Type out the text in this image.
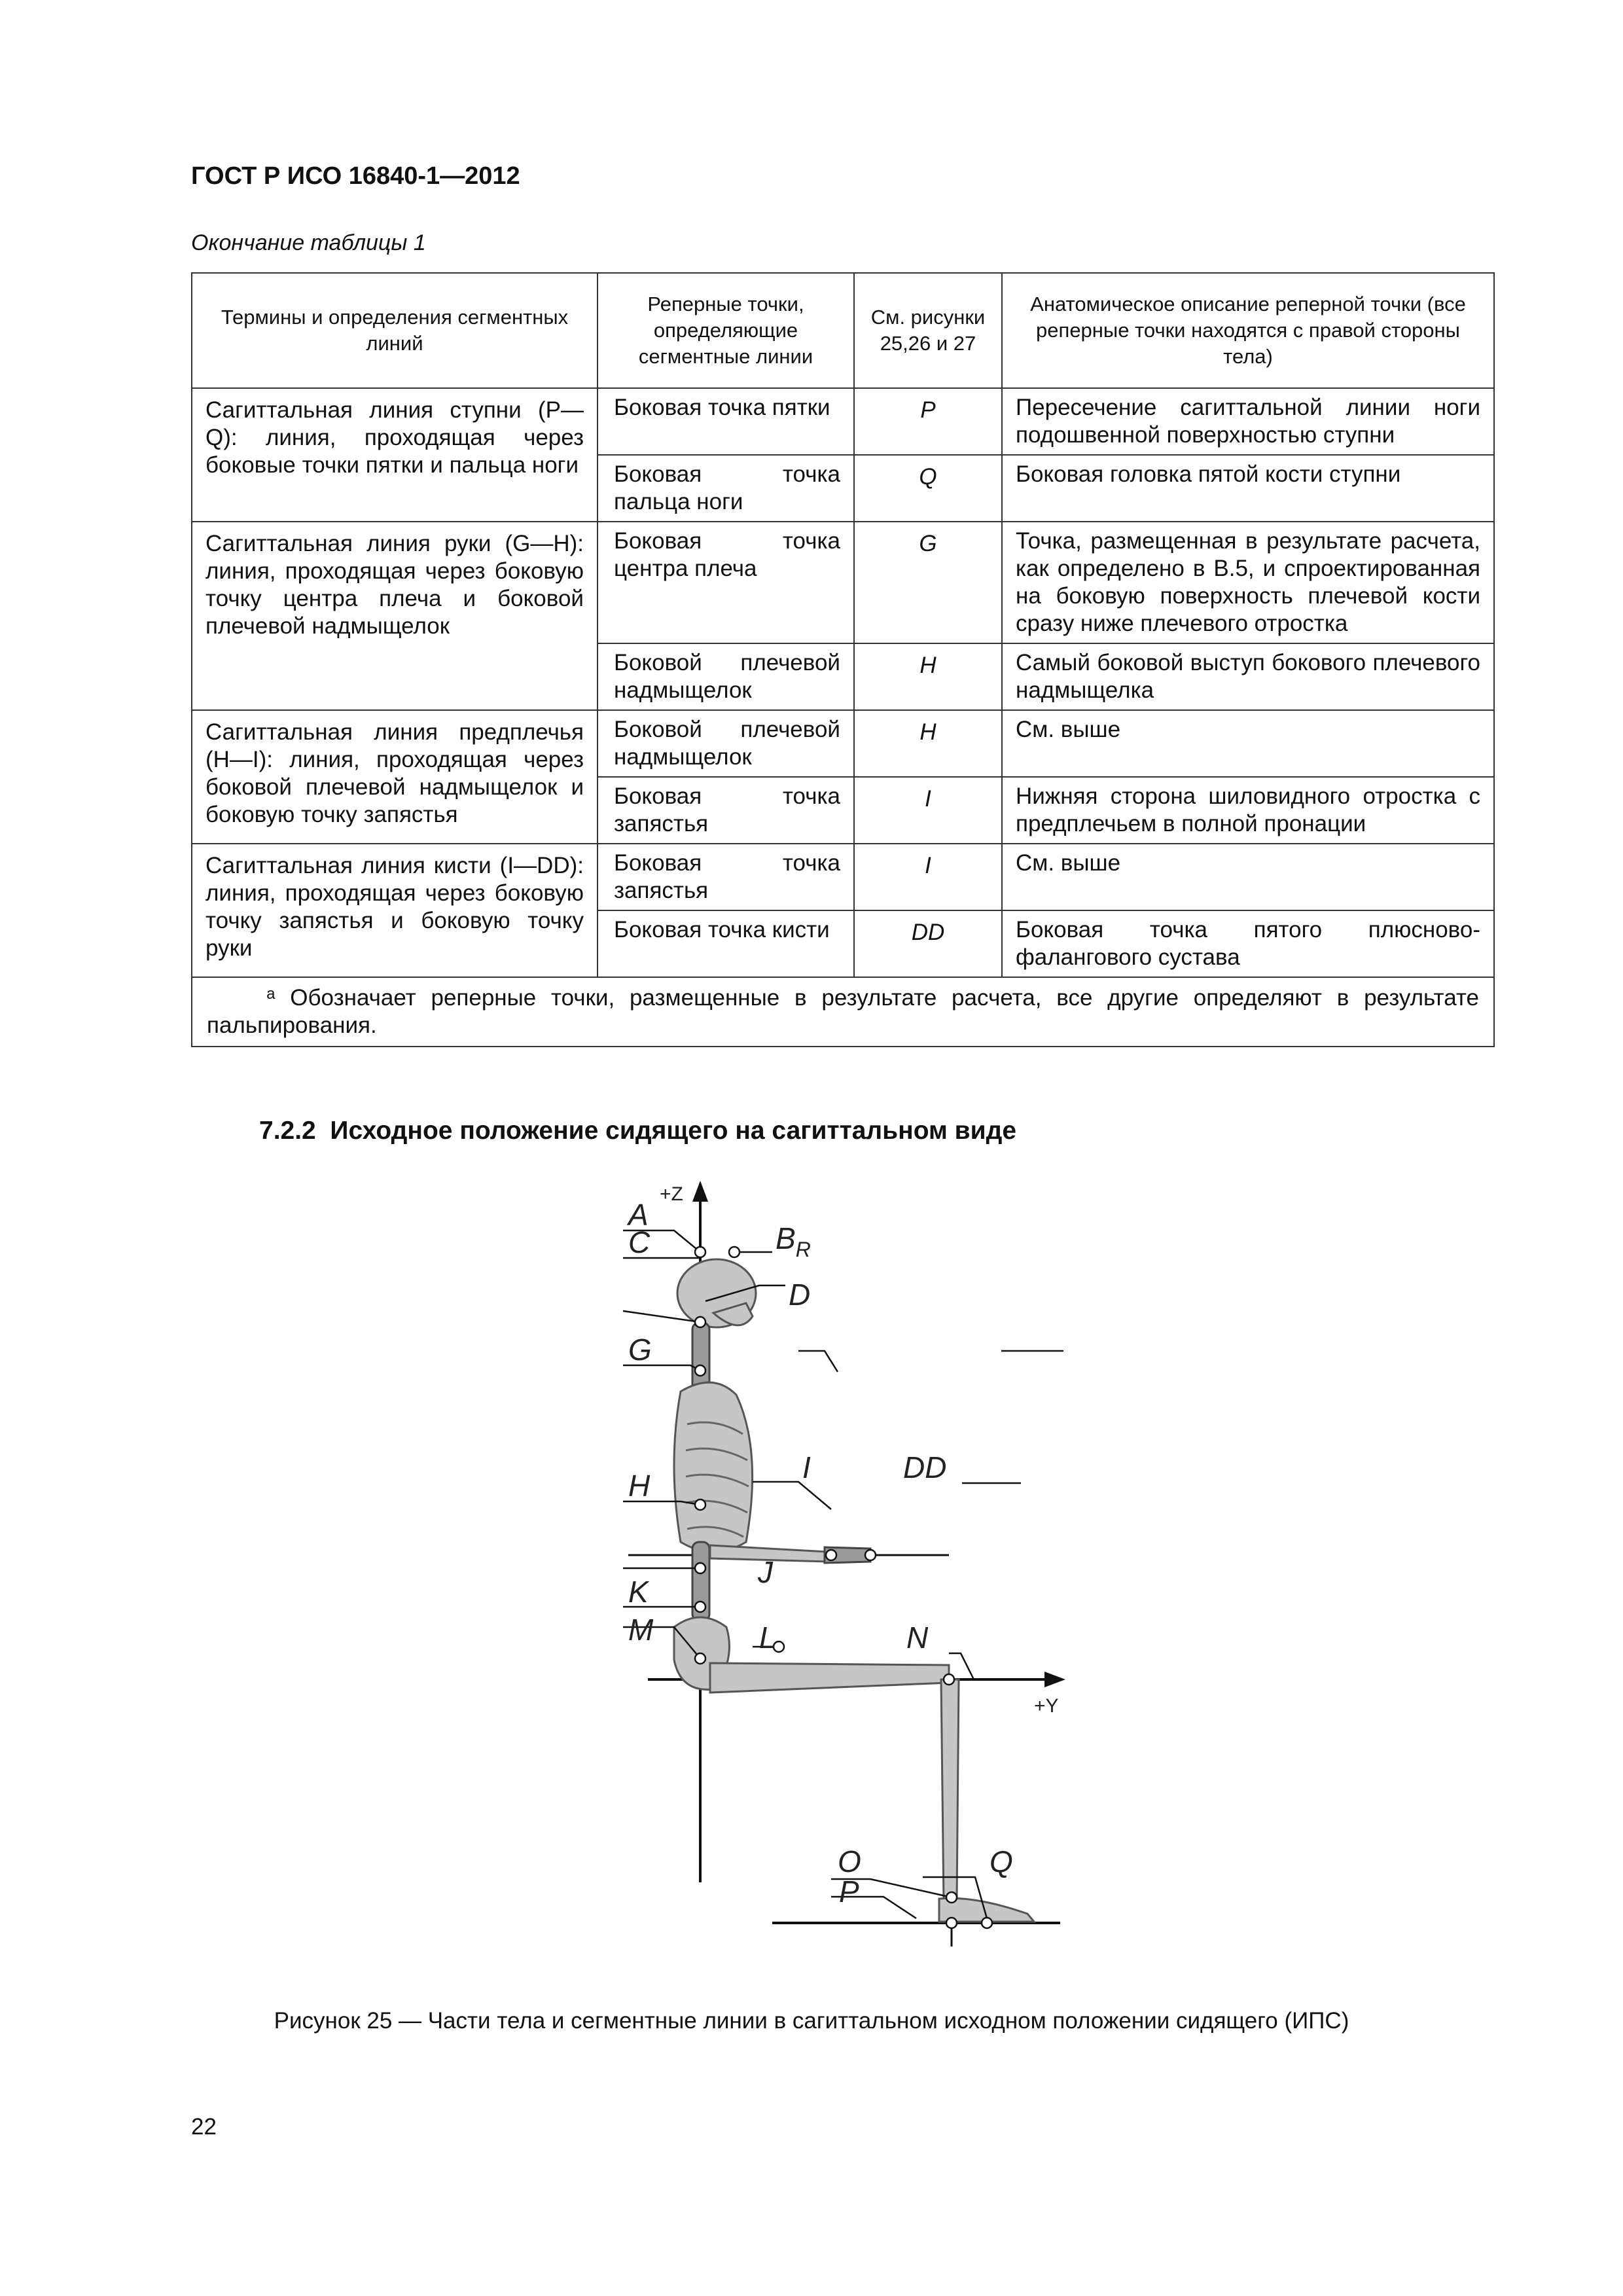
ГОСТ Р ИСО 16840-1—2012
Окончание таблицы 1
Термины и определения сегментных линий	Реперные точки, определяющие сегментные линии	См. рисунки 25,26 и 27	Анатомическое описание реперной точки (все реперные точки находятся с правой стороны тела)
Сагиттальная линия ступни (P—Q): линия, проходящая через боковые точки пятки и пальца ноги	Боковая точка пятки	P	Пересечение сагиттальной линии ноги подошвенной поверхностью ступни
	Боковая точка пальца ноги	Q	Боковая головка пятой кости ступни
Сагиттальная линия руки (G—H): линия, проходящая через боковую точку центра плеча и боковой плечевой надмыщелок	Боковая точка центра плеча	G	Точка, размещенная в результате расчета, как определено в В.5, и спроектированная на боковую поверхность плечевой кости сразу ниже плечевого отростка
	Боковой плечевой надмыщелок	H	Самый боковой выступ бокового плечевого надмыщелка
Сагиттальная линия предплечья (H—I): линия, проходящая через боковой плечевой надмыщелок и боковую точку запястья	Боковой плечевой надмыщелок	H	См. выше
	Боковая точка запястья	I	Нижняя сторона шиловидного отростка с предплечьем в полной пронации
Сагиттальная линия кисти (I—DD): линия, проходящая через боковую точку запястья и боковую точку руки	Боковая точка запястья	I	См. выше
	Боковая точка кисти	DD	Боковая точка пятого плюсново-фалангового сустава
$^a$ Обозначает реперные точки, размещенные в результате расчета, все другие определяют в результате пальпирования.			
7.2.2 Исходное положение сидящего на сагиттальном виде
+Z
+Y
A
$B_R$
C
D
G
H
I	DD
J
K
L
M	N
O
P
Q
Рисунок 25 — Части тела и сегментные линии в сагиттальном исходном положении сидящего (ИПС)
22
